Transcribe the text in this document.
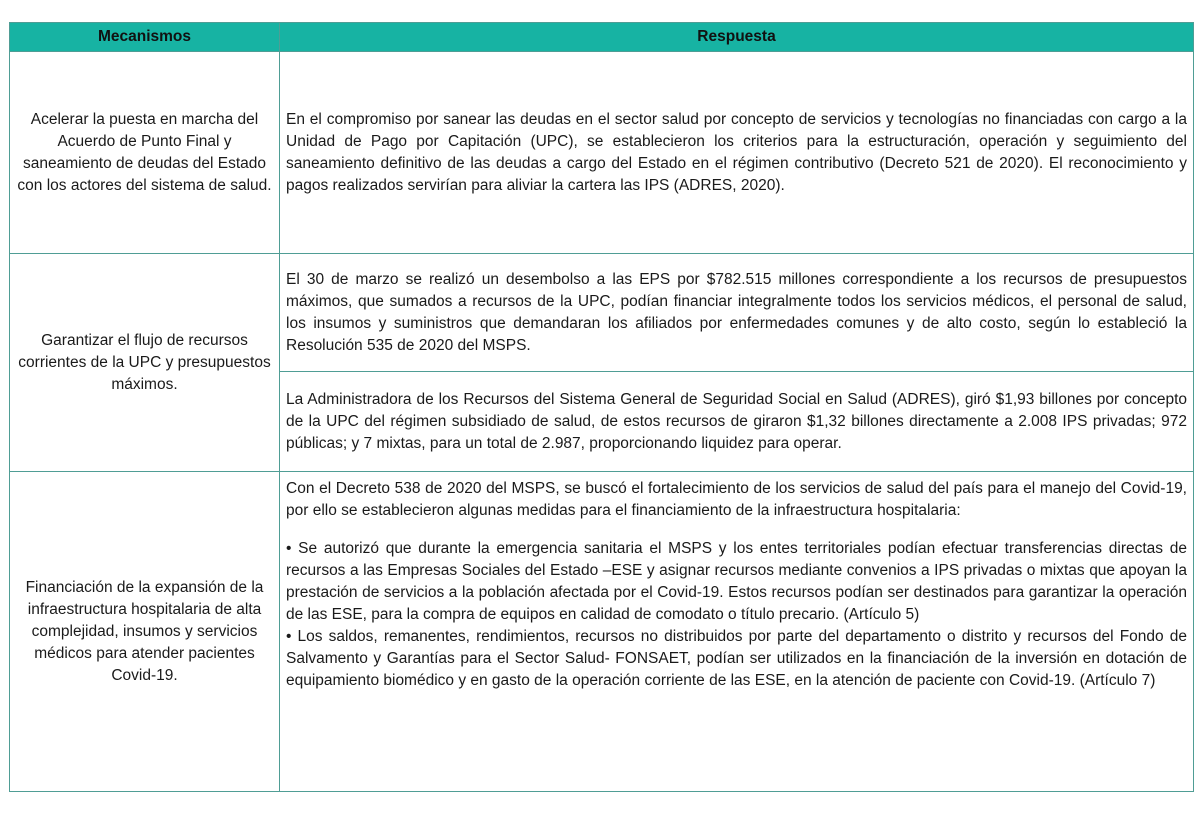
Mecanismos	Respuesta
Acelerar la puesta en marcha del Acuerdo de Punto Final y saneamiento de deudas del Estado con los actores del sistema de salud.	En el compromiso por sanear las deudas en el sector salud por concepto de servicios y tecnologías no financiadas con cargo a la Unidad de Pago por Capitación (UPC), se establecieron los criterios para la estructuración, operación y seguimiento del saneamiento definitivo de las deudas a cargo del Estado en el régimen contributivo (Decreto 521 de 2020). El reconocimiento y pagos realizados servirían para aliviar la cartera las IPS (ADRES, 2020).
Garantizar el flujo de recursos corrientes de la UPC y presupuestos máximos.	El 30 de marzo se realizó un desembolso a las EPS por $782.515 millones correspondiente a los recursos de presupuestos máximos, que sumados a recursos de la UPC, podían financiar integralmente todos los servicios médicos, el personal de salud, los insumos y suministros que demandaran los afiliados por enfermedades comunes y de alto costo, según lo estableció la Resolución 535 de 2020 del MSPS.
	La Administradora de los Recursos del Sistema General de Seguridad Social en Salud (ADRES), giró $1,93 billones por concepto de la UPC del régimen subsidiado de salud, de estos recursos de giraron $1,32 billones directamente a 2.008 IPS privadas; 972 públicas; y 7 mixtas, para un total de 2.987, proporcionando liquidez para operar.
Financiación de la expansión de la infraestructura hospitalaria de alta complejidad, insumos y servicios médicos para atender pacientes Covid-19.	Con el Decreto 538 de 2020 del MSPS, se buscó el fortalecimiento de los servicios de salud del país para el manejo del Covid-19, por ello se establecieron algunas medidas para el financiamiento de la infraestructura hospitalaria:
• Se autorizó que durante la emergencia sanitaria el MSPS y los entes territoriales podían efectuar transferencias directas de recursos a las Empresas Sociales del Estado –ESE y asignar recursos mediante convenios a IPS privadas o mixtas que apoyan la prestación de servicios a la población afectada por el Covid-19. Estos recursos podían ser destinados para garantizar la operación de las ESE, para la compra de equipos en calidad de comodato o título precario. (Artículo 5)
• Los saldos, remanentes, rendimientos, recursos no distribuidos por parte del departamento o distrito y recursos del Fondo de Salvamento y Garantías para el Sector Salud- FONSAET, podían ser utilizados en la financiación de la inversión en dotación de equipamiento biomédico y en gasto de la operación corriente de las ESE, en la atención de paciente con Covid-19. (Artículo 7)
